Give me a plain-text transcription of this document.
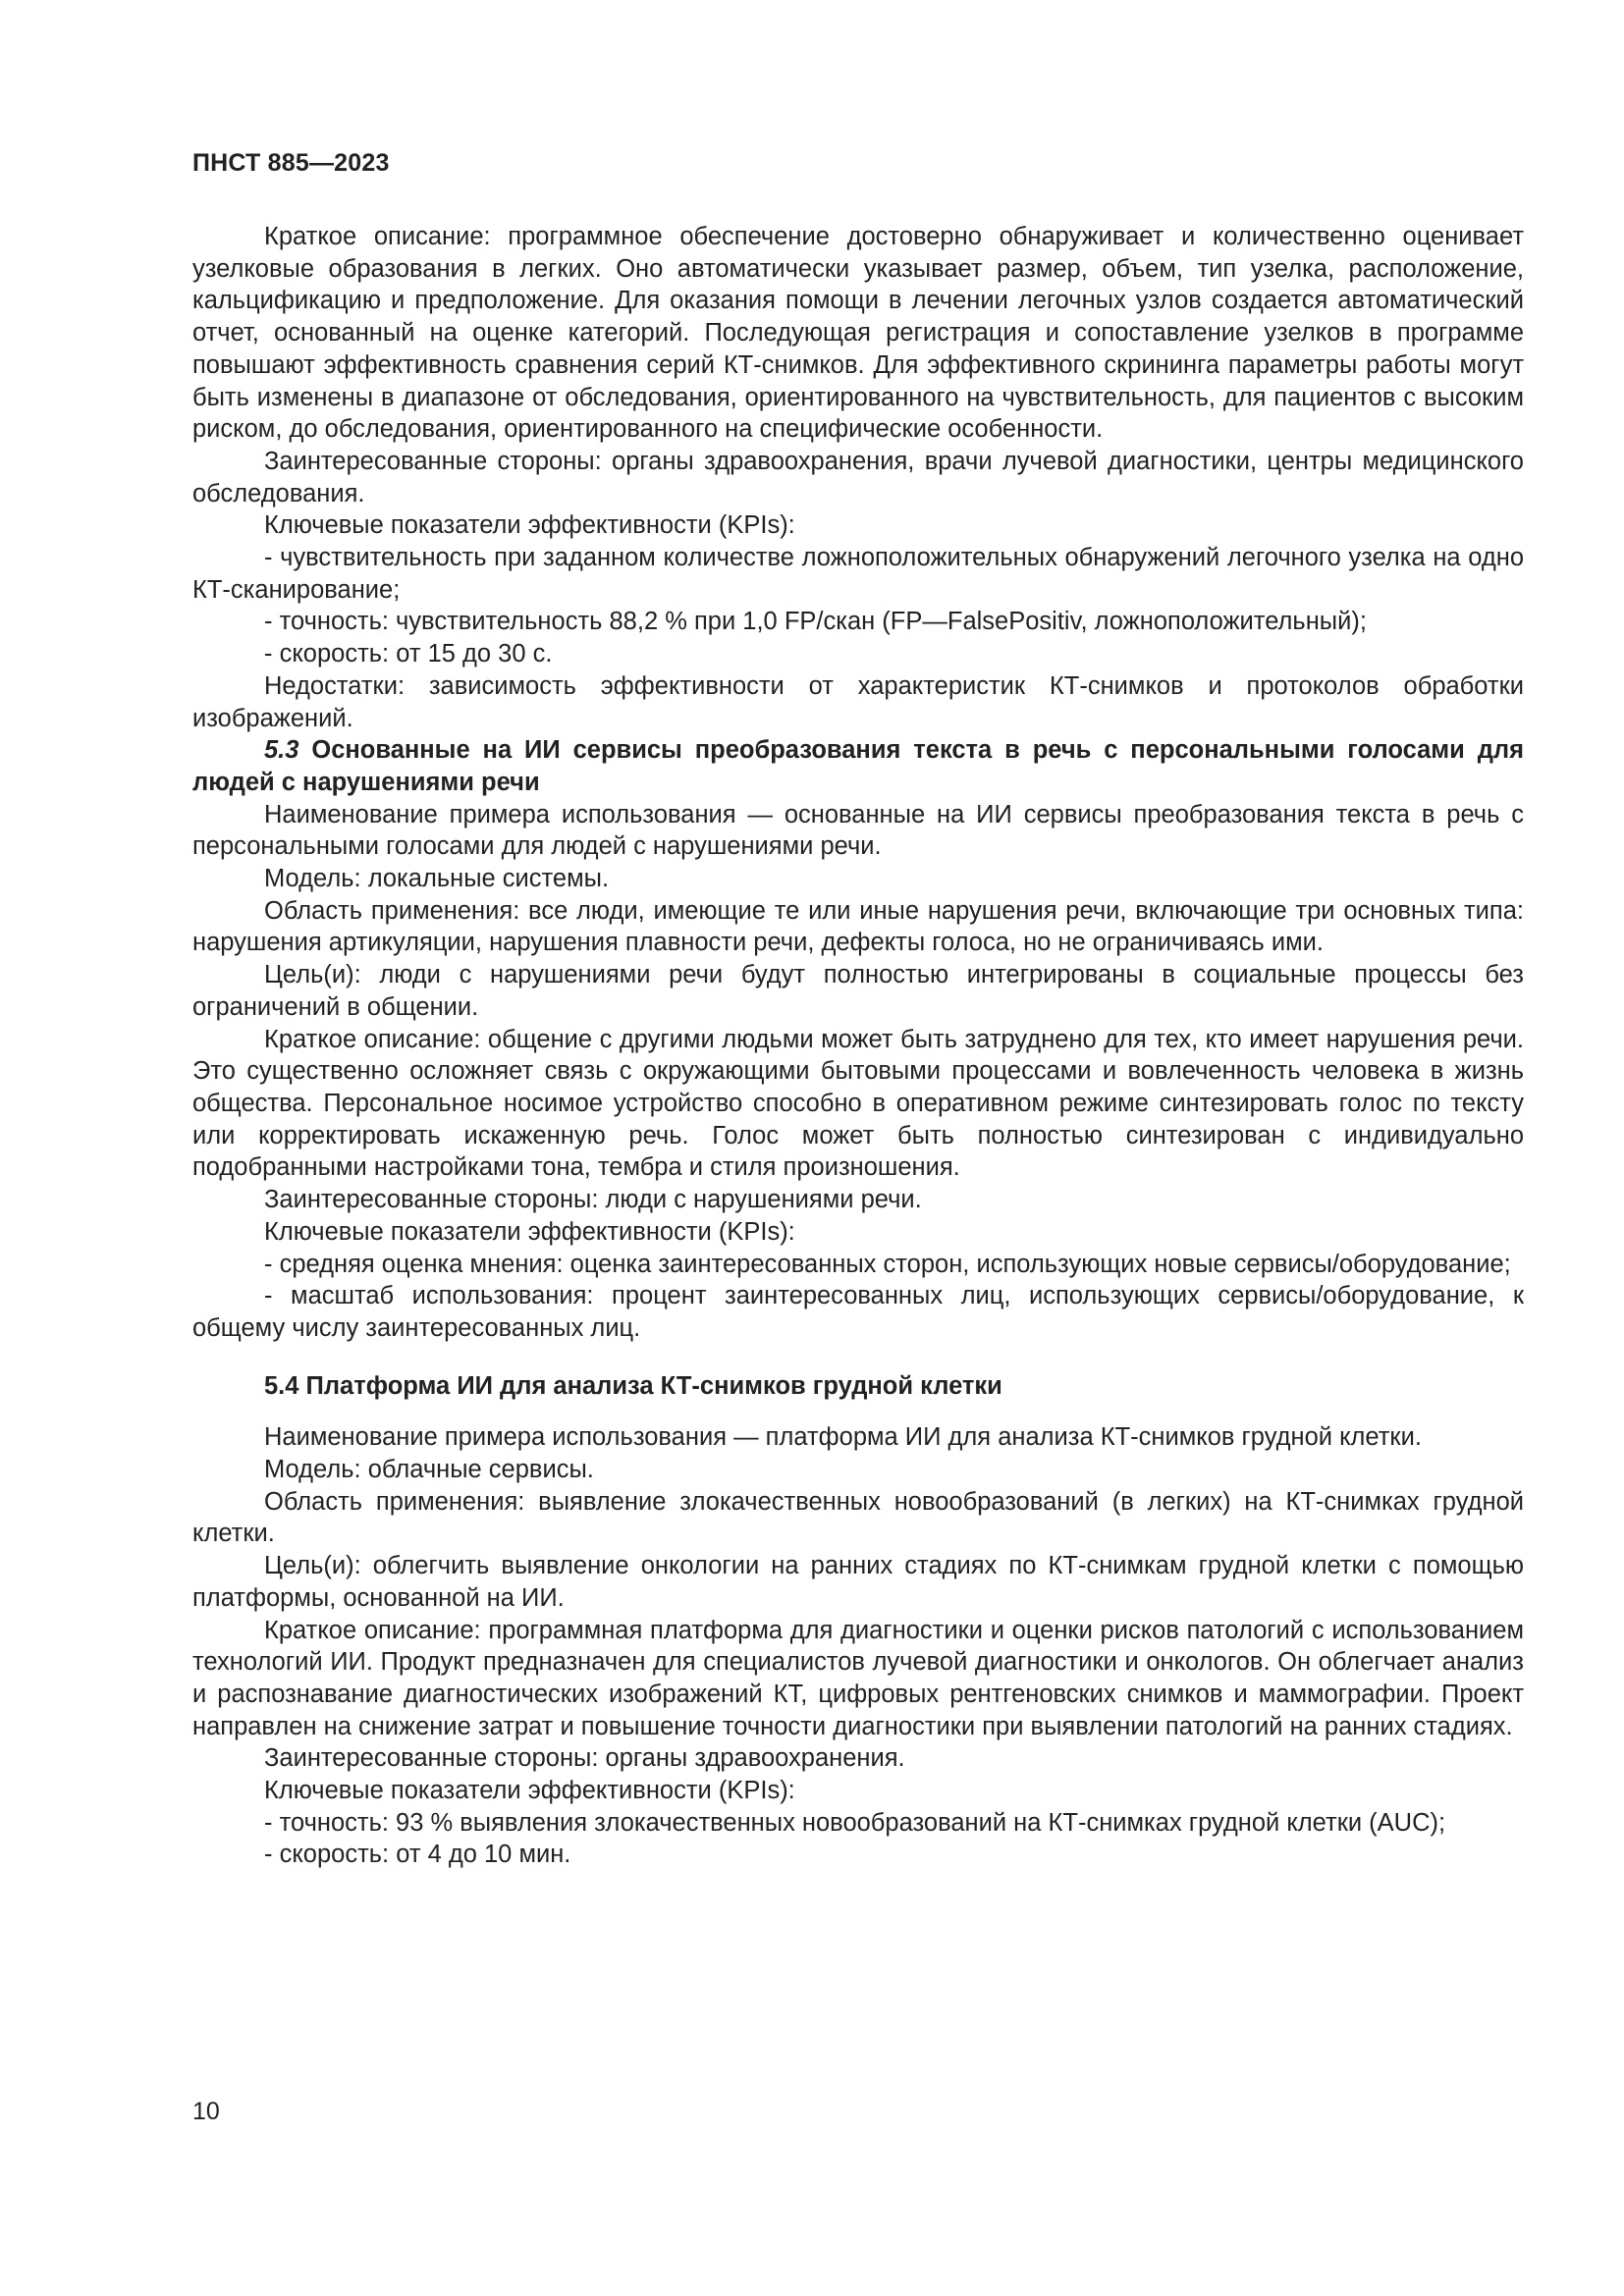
ПНСТ 885—2023

Краткое описание: программное обеспечение достоверно обнаруживает и количественно оценивает узелковые образования в легких. Оно автоматически указывает размер, объем, тип узелка, расположение, кальцификацию и предположение. Для оказания помощи в лечении легочных узлов создается автоматический отчет, основанный на оценке категорий. Последующая регистрация и сопоставление узелков в программе повышают эффективность сравнения серий КТ-снимков. Для эффективного скрининга параметры работы могут быть изменены в диапазоне от обследования, ориентированного на чувствительность, для пациентов с высоким риском, до обследования, ориентированного на специфические особенности.

Заинтересованные стороны: органы здравоохранения, врачи лучевой диагностики, центры медицинского обследования.

Ключевые показатели эффективности (KPIs):

- чувствительность при заданном количестве ложноположительных обнаружений легочного узелка на одно КТ-сканирование;

- точность: чувствительность 88,2 % при 1,0 FP/скан (FP—FalsePositiv, ложноположительный);

- скорость: от 15 до 30 с.

Недостатки: зависимость эффективности от характеристик КТ-снимков и протоколов обработки изображений.

5.3 Основанные на ИИ сервисы преобразования текста в речь с персональными голосами для людей с нарушениями речи

Наименование примера использования — основанные на ИИ сервисы преобразования текста в речь с персональными голосами для людей с нарушениями речи.

Модель: локальные системы.

Область применения: все люди, имеющие те или иные нарушения речи, включающие три основных типа: нарушения артикуляции, нарушения плавности речи, дефекты голоса, но не ограничиваясь ими.

Цель(и): люди с нарушениями речи будут полностью интегрированы в социальные процессы без ограничений в общении.

Краткое описание: общение с другими людьми может быть затруднено для тех, кто имеет нарушения речи. Это существенно осложняет связь с окружающими бытовыми процессами и вовлеченность человека в жизнь общества. Персональное носимое устройство способно в оперативном режиме синтезировать голос по тексту или корректировать искаженную речь. Голос может быть полностью синтезирован с индивидуально подобранными настройками тона, тембра и стиля произношения.

Заинтересованные стороны: люди с нарушениями речи.

Ключевые показатели эффективности (KPIs):

- средняя оценка мнения: оценка заинтересованных сторон, использующих новые сервисы/оборудование;

- масштаб использования: процент заинтересованных лиц, использующих сервисы/оборудование, к общему числу заинтересованных лиц.

5.4 Платформа ИИ для анализа КТ-снимков грудной клетки

Наименование примера использования — платформа ИИ для анализа КТ-снимков грудной клетки.

Модель: облачные сервисы.

Область применения: выявление злокачественных новообразований (в легких) на КТ-снимках грудной клетки.

Цель(и): облегчить выявление онкологии на ранних стадиях по КТ-снимкам грудной клетки с помощью платформы, основанной на ИИ.

Краткое описание: программная платформа для диагностики и оценки рисков патологий с использованием технологий ИИ. Продукт предназначен для специалистов лучевой диагностики и онкологов. Он облегчает анализ и распознавание диагностических изображений КТ, цифровых рентгеновских снимков и маммографии. Проект направлен на снижение затрат и повышение точности диагностики при выявлении патологий на ранних стадиях.

Заинтересованные стороны: органы здравоохранения.

Ключевые показатели эффективности (KPIs):

- точность: 93 % выявления злокачественных новообразований на КТ-снимках грудной клетки (AUC);

- скорость: от 4 до 10 мин.

10
